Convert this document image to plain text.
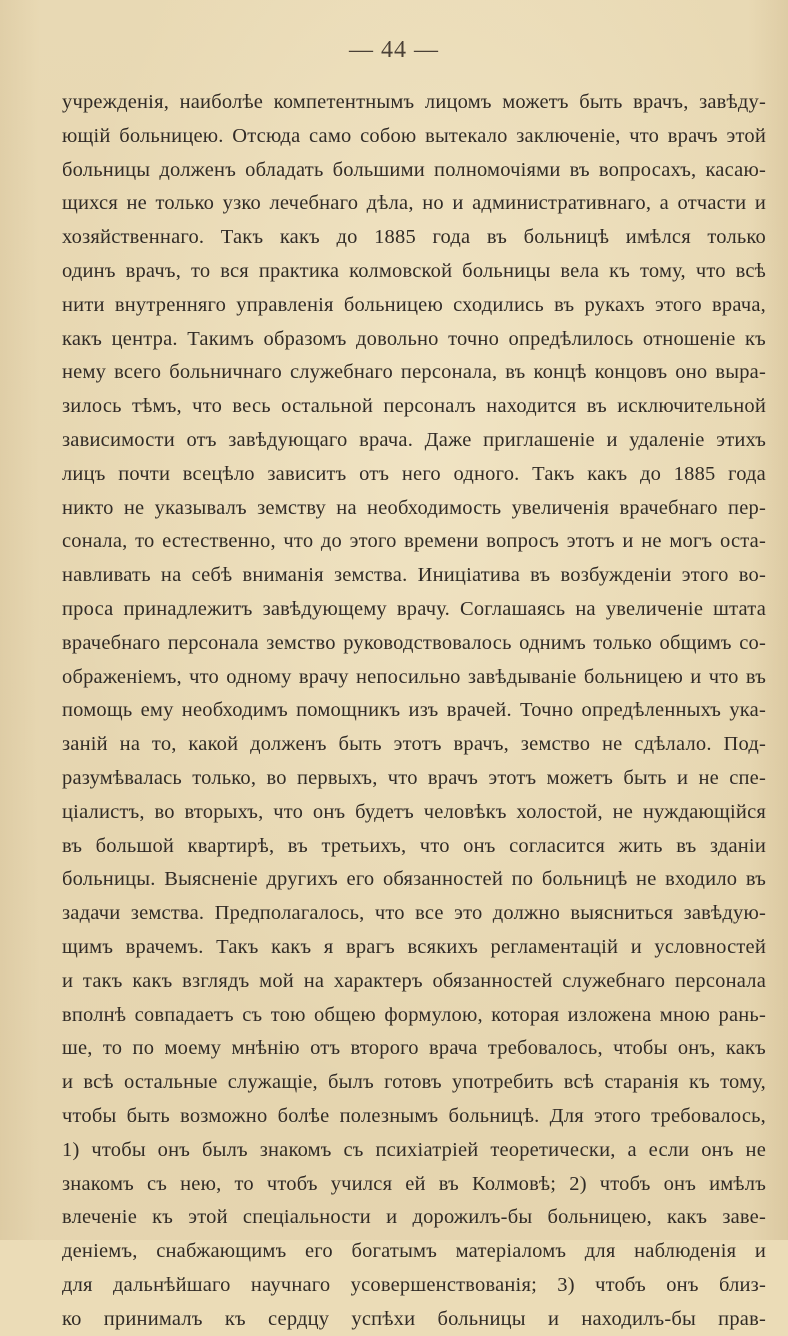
— 44 —
учрежденія, наиболѣе компетентнымъ лицомъ можетъ быть врачъ, завѣду-
ющій больницею. Отсюда само собою вытекало заключеніе, что врачъ этой
больницы долженъ обладать большими полномочіями въ вопросахъ, касаю-
щихся не только узко лечебнаго дѣла, но и административнаго, а отчасти и
хозяйственнаго. Такъ какъ до 1885 года въ больницѣ имѣлся только
одинъ врачъ, то вся практика колмовской больницы вела къ тому, что всѣ
нити внутренняго управленія больницею сходились въ рукахъ этого врача,
какъ центра. Такимъ образомъ довольно точно опредѣлилось отношеніе къ
нему всего больничнаго служебнаго персонала, въ концѣ концовъ оно выра-
зилось тѣмъ, что весь остальной персоналъ находится въ исключительной
зависимости отъ завѣдующаго врача. Даже приглашеніе и удаленіе этихъ
лицъ почти всецѣло зависитъ отъ него одного. Такъ какъ до 1885 года
никто не указывалъ земству на необходимость увеличенія врачебнаго пер-
сонала, то естественно, что до этого времени вопросъ этотъ и не могъ оста-
навливать на себѣ вниманія земства. Иниціатива въ возбужденіи этого во-
проса принадлежитъ завѣдующему врачу. Соглашаясь на увеличеніе штата
врачебнаго персонала земство руководствовалось однимъ только общимъ со-
ображеніемъ, что одному врачу непосильно завѣдываніе больницею и что въ
помощь ему необходимъ помощникъ изъ врачей. Точно опредѣленныхъ ука-
заній на то, какой долженъ быть этотъ врачъ, земство не сдѣлало. Под-
разумѣвалась только, во первыхъ, что врачъ этотъ можетъ быть и не спе-
ціалистъ, во вторыхъ, что онъ будетъ человѣкъ холостой, не нуждающійся
въ большой квартирѣ, въ третьихъ, что онъ согласится жить въ зданіи
больницы. Выясненіе другихъ его обязанностей по больницѣ не входило въ
задачи земства. Предполагалось, что все это должно выясниться завѣдую-
щимъ врачемъ. Такъ какъ я врагъ всякихъ регламентацій и условностей
и такъ какъ взглядъ мой на характеръ обязанностей служебнаго персонала
вполнѣ совпадаетъ съ тою общею формулою, которая изложена мною рань-
ше, то по моему мнѣнію отъ второго врача требовалось, чтобы онъ, какъ
и всѣ остальные служащіе, былъ готовъ употребить всѣ старанія къ тому,
чтобы быть возможно болѣе полезнымъ больницѣ. Для этого требовалось,
1) чтобы онъ былъ знакомъ съ психіатріей теоретически, а если онъ не
знакомъ съ нею, то чтобъ учился ей въ Колмовѣ; 2) чтобъ онъ имѣлъ
влеченіе къ этой спеціальности и дорожилъ-бы больницею, какъ заве-
деніемъ, снабжающимъ его богатымъ матеріаломъ для наблюденія и
для дальнѣйшаго научнаго усовершенствованія; 3) чтобъ онъ близ-
ко принималъ къ сердцу успѣхи больницы и находилъ-бы прав-
